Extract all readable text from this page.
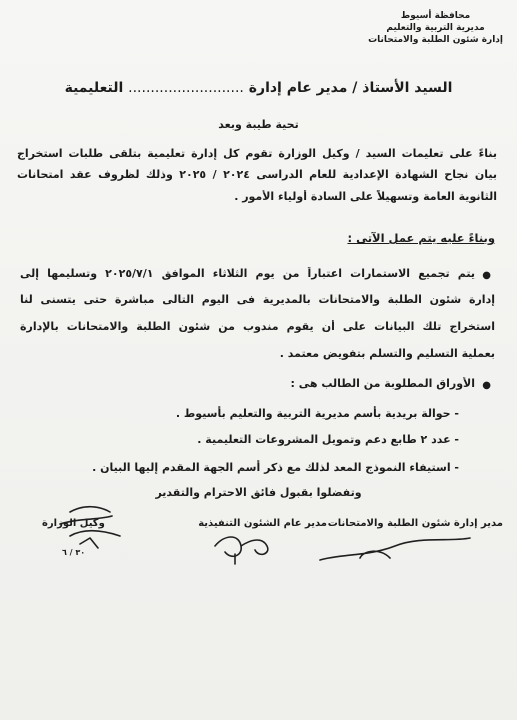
محافظة أسيوط
مديرية التربية والتعليم
إدارة شئون الطلبة والامتحانات
السيد الأستاذ / مدير عام إدارة .......................... التعليمية
تحية طيبة وبعد
بناءً على تعليمات السيد / وكيل الوزارة تقوم كل إدارة تعليمية بتلقى طلبات استخراج
بيان نجاح الشهادة الإعدادية للعام الدراسى ٢٠٢٤ / ٢٠٢٥ وذلك لظروف عقد امتحانات
الثانوية العامة وتسهيلاً على السادة أولياء الأمور .
وبناءً عليه يتم عمل الآتى :
●
يتم تجميع الاستمارات اعتباراً من يوم الثلاثاء الموافق ٢٠٢٥/٧/١ وتسليمها إلى
إدارة شئون الطلبة والامتحانات بالمديرية فى اليوم التالى مباشرة حتى يتسنى لنا
استخراج تلك البيانات على أن يقوم مندوب من شئون الطلبة والامتحانات بالإدارة
بعملية التسليم والتسلم بتفويض معتمد .
●
الأوراق المطلوبة من الطالب هى :
- حوالة بريدية بأسم مديرية التربية والتعليم بأسيوط .
- عدد ٢ طابع دعم وتمويل المشروعات التعليمية .
- استيفاء النموذج المعد لذلك مع ذكر أسم الجهة المقدم إليها البيان .
وتفضلوا بقبول فائق الاحترام والتقدير
مدير إدارة شئون الطلبة والامتحانات
مدير عام الشئون التنفيذية
وكيل الوزارة
٣٠ / ٦
